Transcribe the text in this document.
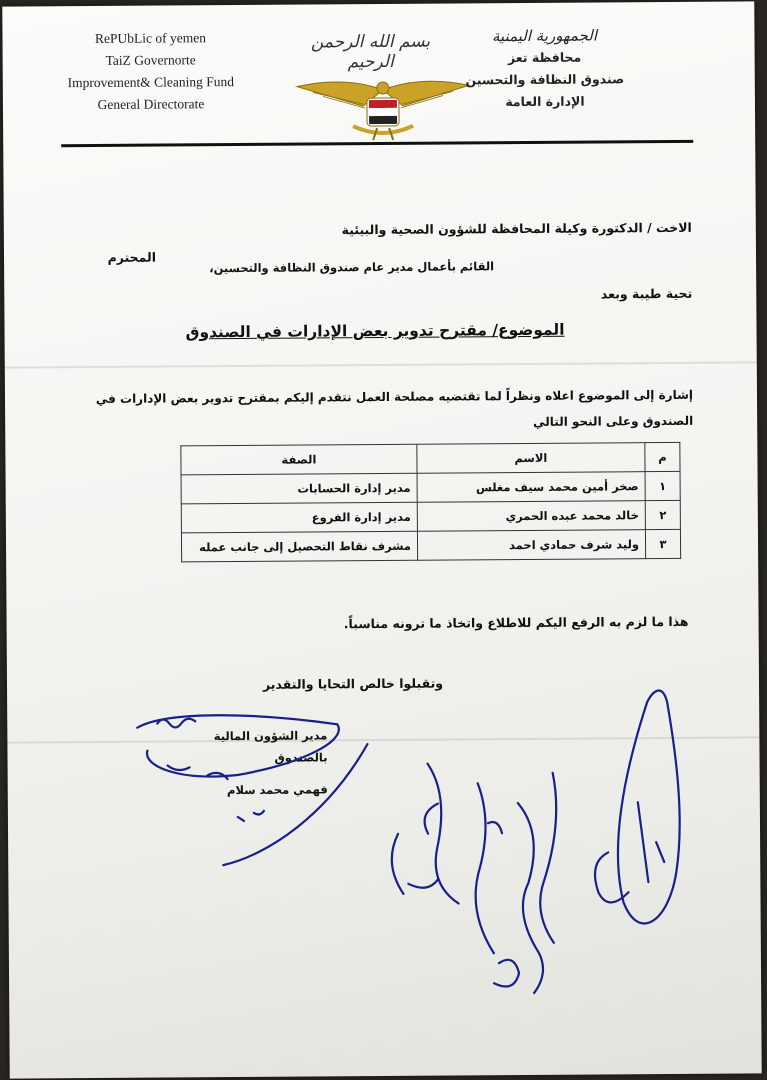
RePUbLic of yemen
TaiZ Governorte
Improvement& Cleaning Fund
General Directorate
بسم الله الرحمن الرحيم
الجمهورية اليمنية
محافظة تعز
صندوق النظافة والتحسين
الإدارة العامة
الاخت / الدكتورة وكيلة المحافظة للشؤون الصحية والبيئية
المحترم
القائم بأعمال مدير عام صندوق النظافة والتحسين،
تحية طيبة وبعد
الموضوع/ مقترح تدوير بعض الإدارات في الصندوق
إشارة إلى الموضوع اعلاه ونظراً لما تقتضيه مصلحة العمل نتقدم إليكم بمقترح تدوير بعض الإدارات في
الصندوق وعلى النحو التالي
م	الاسم	الصفة
١	صخر أمين محمد سيف مغلس	مدير إدارة الحسابات
٢	خالد محمد عبده الحمري	مدير إدارة الفروع
٣	وليد شرف حمادي احمد	مشرف نقاط التحصيل إلى جانب عمله
هذا ما لزم به الرفع اليكم للاطلاع واتخاذ ما ترونه مناسباً.
وتقبلوا خالص التحايا والتقدير
مدير الشؤون المالية بالصندوق
فهمي محمد سلام
